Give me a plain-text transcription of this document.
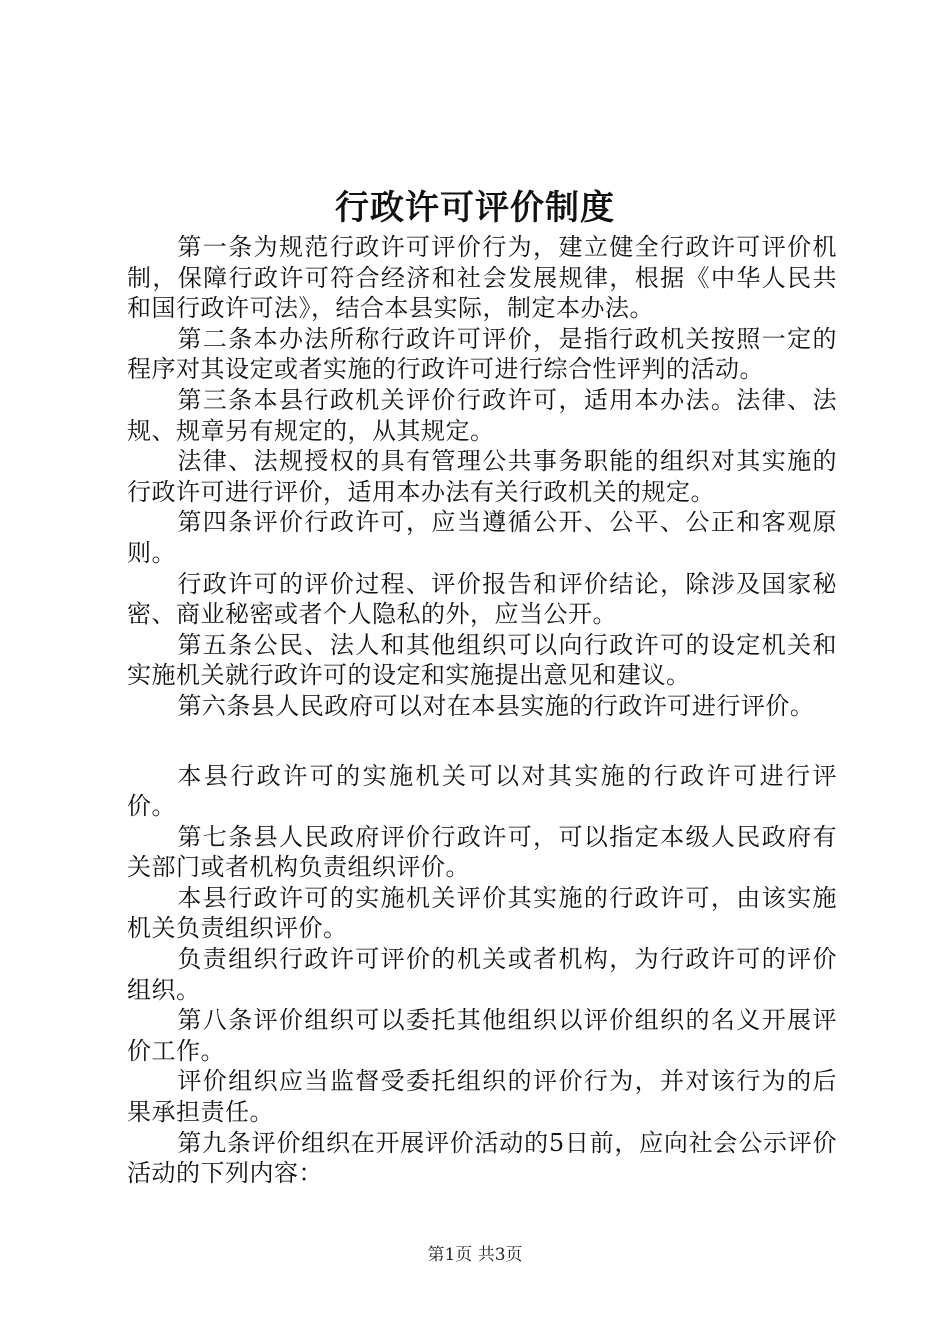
行政许可评价制度

第一条为规范行政许可评价行为，建立健全行政许可评价机制，保障行政许可符合经济和社会发展规律，根据《中华人民共和国行政许可法》，结合本县实际，制定本办法。

第二条本办法所称行政许可评价，是指行政机关按照一定的程序对其设定或者实施的行政许可进行综合性评判的活动。

第三条本县行政机关评价行政许可，适用本办法。法律、法规、规章另有规定的，从其规定。

法律、法规授权的具有管理公共事务职能的组织对其实施的行政许可进行评价，适用本办法有关行政机关的规定。

第四条评价行政许可，应当遵循公开、公平、公正和客观原则。

行政许可的评价过程、评价报告和评价结论，除涉及国家秘密、商业秘密或者个人隐私的外，应当公开。

第五条公民、法人和其他组织可以向行政许可的设定机关和实施机关就行政许可的设定和实施提出意见和建议。

第六条县人民政府可以对在本县实施的行政许可进行评价。

本县行政许可的实施机关可以对其实施的行政许可进行评价。

第七条县人民政府评价行政许可，可以指定本级人民政府有关部门或者机构负责组织评价。

本县行政许可的实施机关评价其实施的行政许可，由该实施机关负责组织评价。

负责组织行政许可评价的机关或者机构，为行政许可的评价组织。

第八条评价组织可以委托其他组织以评价组织的名义开展评价工作。

评价组织应当监督受委托组织的评价行为，并对该行为的后果承担责任。

第九条评价组织在开展评价活动的5日前，应向社会公示评价活动的下列内容：

第1页 共3页
